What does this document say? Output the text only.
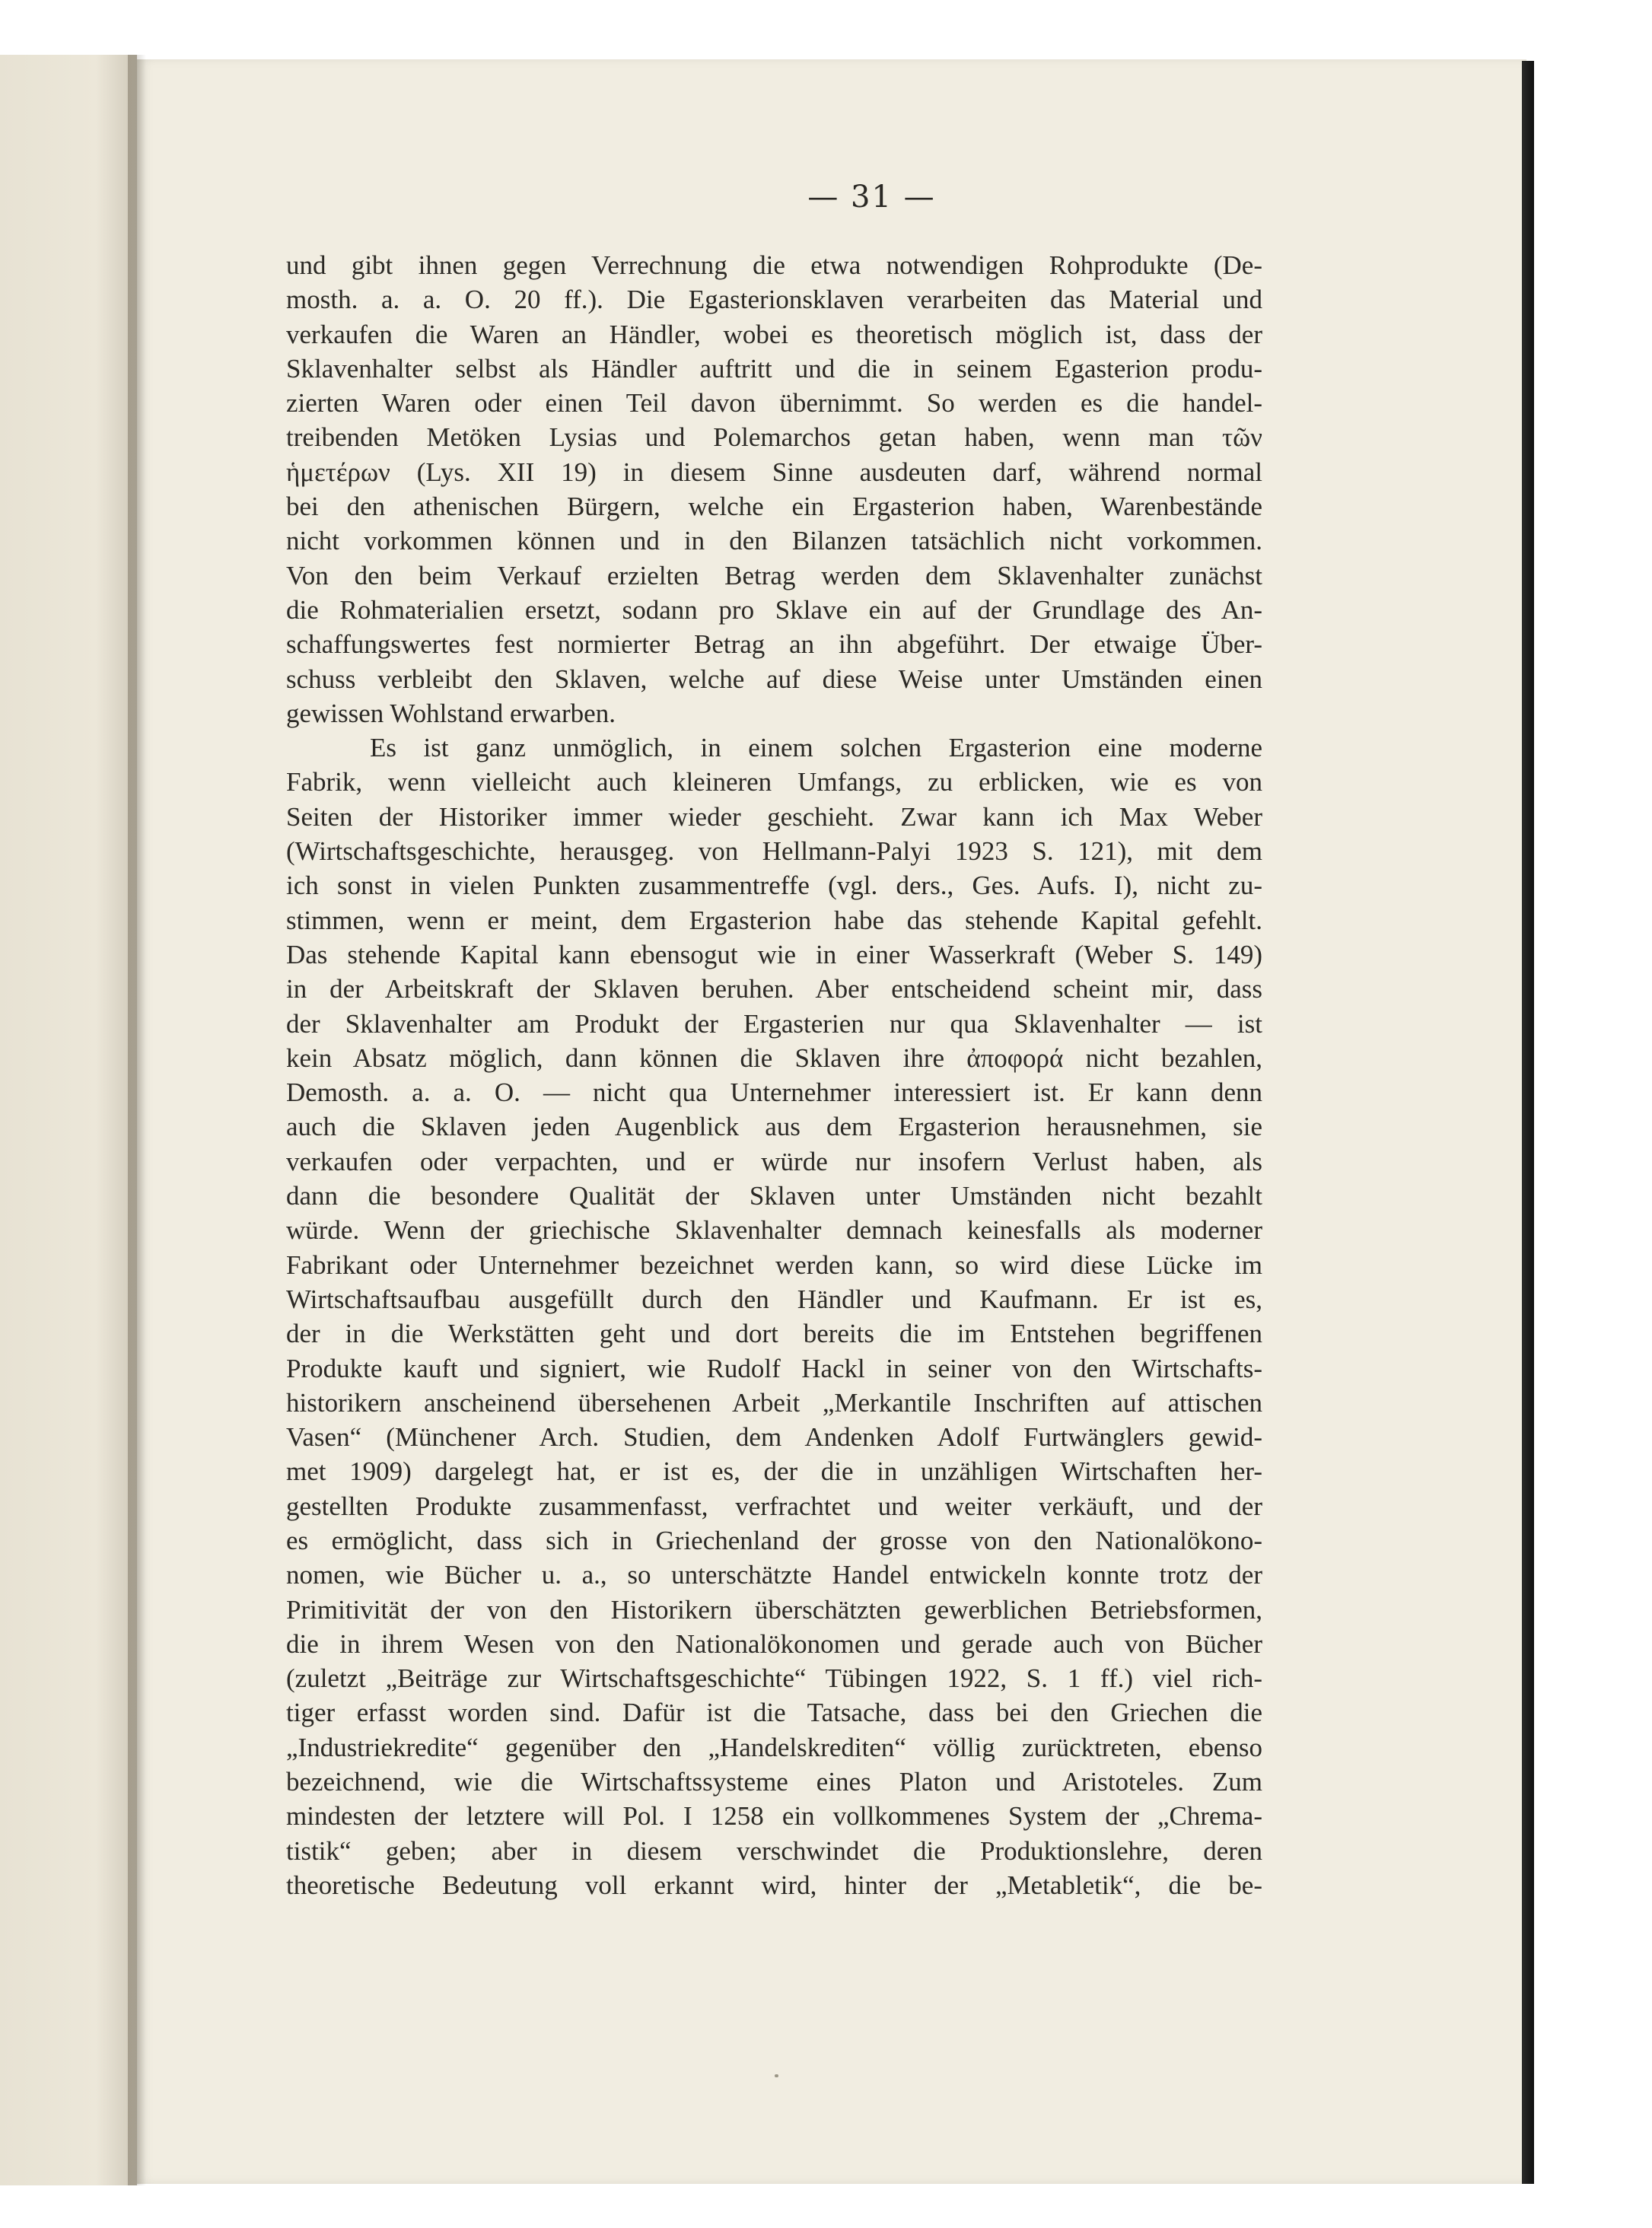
— 31 —
und gibt ihnen gegen Verrechnung die etwa notwendigen Rohprodukte (De-
mosth. a. a. O. 20 ff.). Die Egasterionsklaven verarbeiten das Material und
verkaufen die Waren an Händler, wobei es theoretisch möglich ist, dass der
Sklavenhalter selbst als Händler auftritt und die in seinem Egasterion produ-
zierten Waren oder einen Teil davon übernimmt. So werden es die handel-
treibenden Metöken Lysias und Polemarchos getan haben, wenn man τῶν
ἡμετέρων (Lys. XII 19) in diesem Sinne ausdeuten darf, während normal
bei den athenischen Bürgern, welche ein Ergasterion haben, Warenbestände
nicht vorkommen können und in den Bilanzen tatsächlich nicht vorkommen.
Von den beim Verkauf erzielten Betrag werden dem Sklavenhalter zunächst
die Rohmaterialien ersetzt, sodann pro Sklave ein auf der Grundlage des An-
schaffungswertes fest normierter Betrag an ihn abgeführt. Der etwaige Über-
schuss verbleibt den Sklaven, welche auf diese Weise unter Umständen einen
gewissen Wohlstand erwarben.
Es ist ganz unmöglich, in einem solchen Ergasterion eine moderne
Fabrik, wenn vielleicht auch kleineren Umfangs, zu erblicken, wie es von
Seiten der Historiker immer wieder geschieht. Zwar kann ich Max Weber
(Wirtschaftsgeschichte, herausgeg. von Hellmann-Palyi 1923 S. 121), mit dem
ich sonst in vielen Punkten zusammentreffe (vgl. ders., Ges. Aufs. I), nicht zu-
stimmen, wenn er meint, dem Ergasterion habe das stehende Kapital gefehlt.
Das stehende Kapital kann ebensogut wie in einer Wasserkraft (Weber S. 149)
in der Arbeitskraft der Sklaven beruhen. Aber entscheidend scheint mir, dass
der Sklavenhalter am Produkt der Ergasterien nur qua Sklavenhalter — ist
kein Absatz möglich, dann können die Sklaven ihre ἀποφορά nicht bezahlen,
Demosth. a. a. O. — nicht qua Unternehmer interessiert ist. Er kann denn
auch die Sklaven jeden Augenblick aus dem Ergasterion herausnehmen, sie
verkaufen oder verpachten, und er würde nur insofern Verlust haben, als
dann die besondere Qualität der Sklaven unter Umständen nicht bezahlt
würde. Wenn der griechische Sklavenhalter demnach keinesfalls als moderner
Fabrikant oder Unternehmer bezeichnet werden kann, so wird diese Lücke im
Wirtschaftsaufbau ausgefüllt durch den Händler und Kaufmann. Er ist es,
der in die Werkstätten geht und dort bereits die im Entstehen begriffenen
Produkte kauft und signiert, wie Rudolf Hackl in seiner von den Wirtschafts-
historikern anscheinend übersehenen Arbeit „Merkantile Inschriften auf attischen
Vasen“ (Münchener Arch. Studien, dem Andenken Adolf Furtwänglers gewid-
met 1909) dargelegt hat, er ist es, der die in unzähligen Wirtschaften her-
gestellten Produkte zusammenfasst, verfrachtet und weiter verkäuft, und der
es ermöglicht, dass sich in Griechenland der grosse von den Nationalökono-
nomen, wie Bücher u. a., so unterschätzte Handel entwickeln konnte trotz der
Primitivität der von den Historikern überschätzten gewerblichen Betriebsformen,
die in ihrem Wesen von den Nationalökonomen und gerade auch von Bücher
(zuletzt „Beiträge zur Wirtschaftsgeschichte“ Tübingen 1922, S. 1 ff.) viel rich-
tiger erfasst worden sind. Dafür ist die Tatsache, dass bei den Griechen die
„Industriekredite“ gegenüber den „Handelskrediten“ völlig zurücktreten, ebenso
bezeichnend, wie die Wirtschaftssysteme eines Platon und Aristoteles. Zum
mindesten der letztere will Pol. I 1258 ein vollkommenes System der „Chrema-
tistik“ geben; aber in diesem verschwindet die Produktionslehre, deren
theoretische Bedeutung voll erkannt wird, hinter der „Metabletik“, die be-
